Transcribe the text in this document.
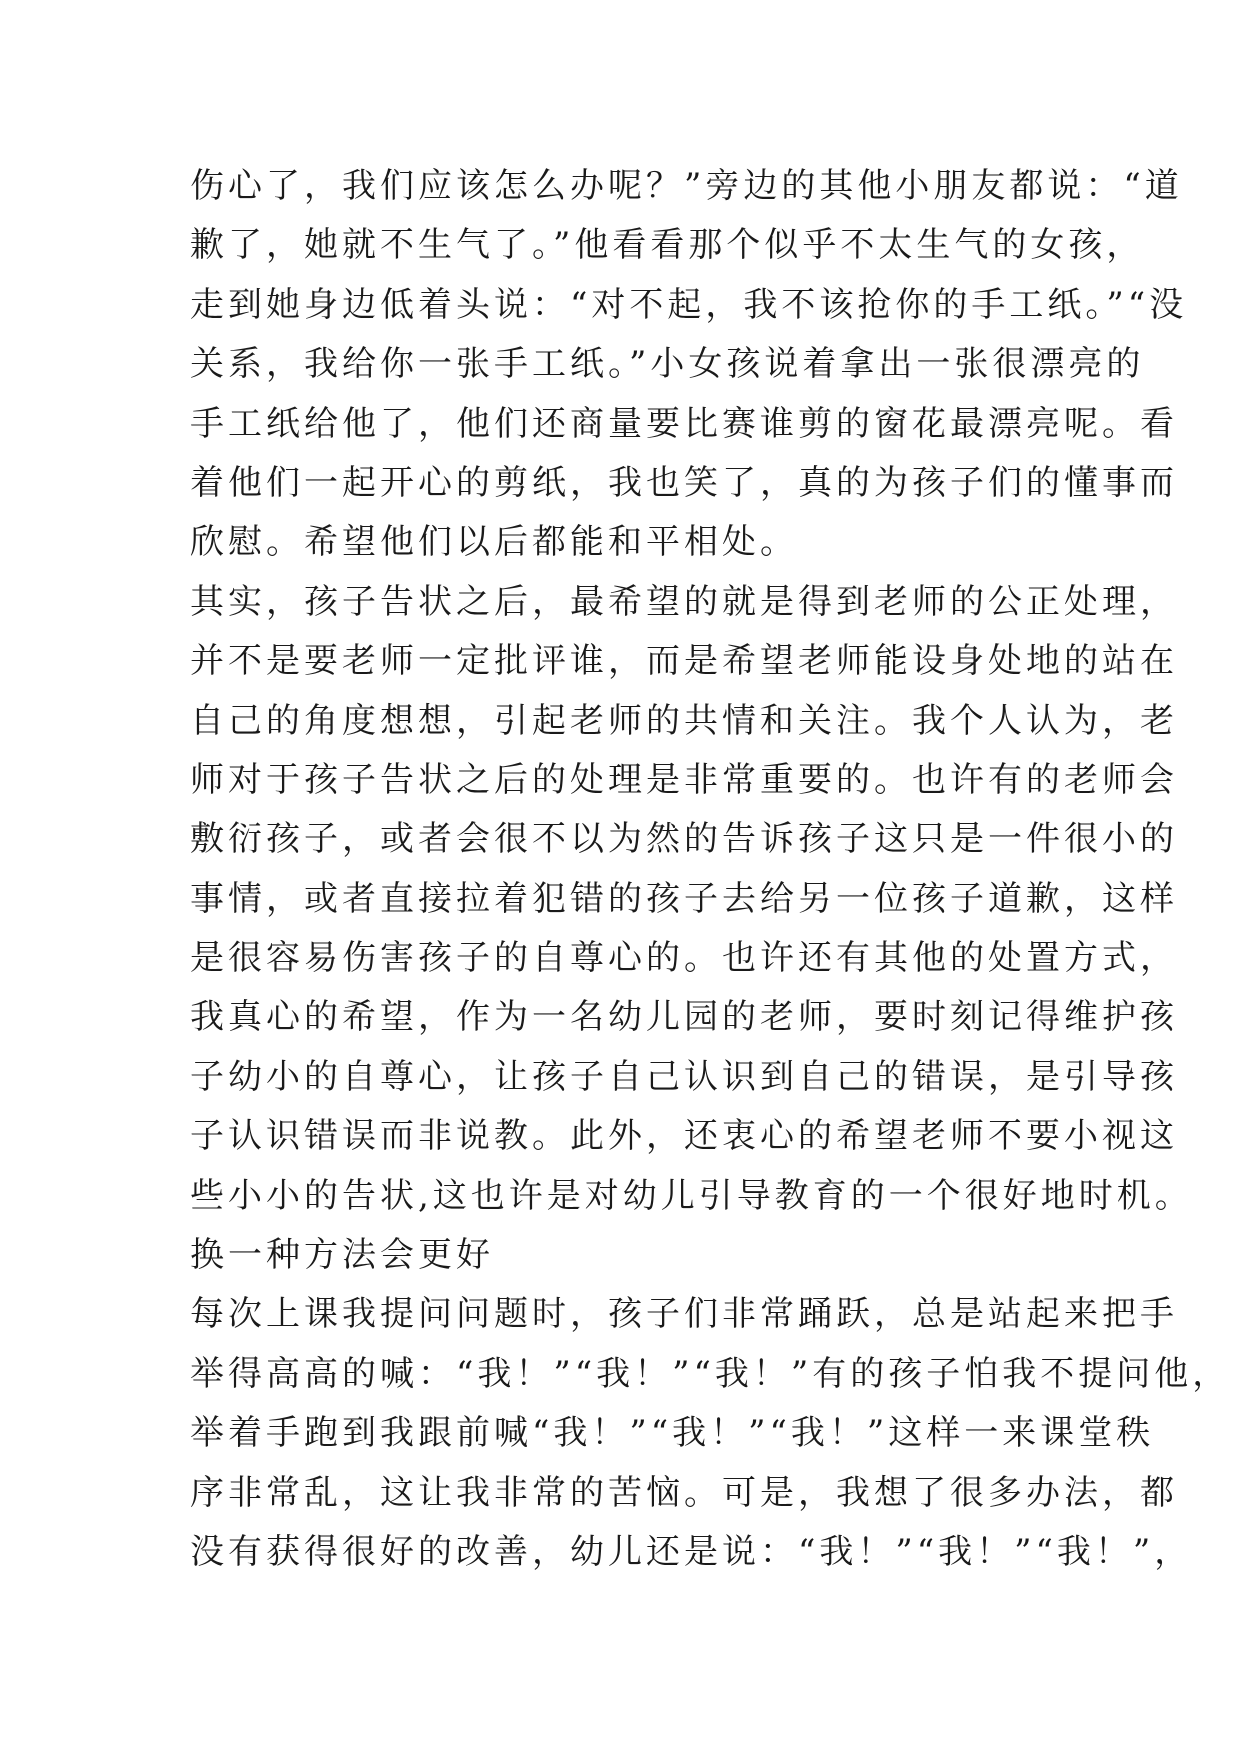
伤心了，我们应该怎么办呢？”旁边的其他小朋友都说：“道
歉了，她就不生气了。”他看看那个似乎不太生气的女孩，
走到她身边低着头说：“对不起，我不该抢你的手工纸。”“没
关系，我给你一张手工纸。”小女孩说着拿出一张很漂亮的
手工纸给他了，他们还商量要比赛谁剪的窗花最漂亮呢。看
着他们一起开心的剪纸，我也笑了，真的为孩子们的懂事而
欣慰。希望他们以后都能和平相处。
其实，孩子告状之后，最希望的就是得到老师的公正处理，
并不是要老师一定批评谁，而是希望老师能设身处地的站在
自己的角度想想，引起老师的共情和关注。我个人认为，老
师对于孩子告状之后的处理是非常重要的。也许有的老师会
敷衍孩子，或者会很不以为然的告诉孩子这只是一件很小的
事情，或者直接拉着犯错的孩子去给另一位孩子道歉，这样
是很容易伤害孩子的自尊心的。也许还有其他的处置方式，
我真心的希望，作为一名幼儿园的老师，要时刻记得维护孩
子幼小的自尊心，让孩子自己认识到自己的错误，是引导孩
子认识错误而非说教。此外，还衷心的希望老师不要小视这
些小小的告状,这也许是对幼儿引导教育的一个很好地时机。
换一种方法会更好
每次上课我提问问题时，孩子们非常踊跃，总是站起来把手
举得高高的喊：“我！”“我！”“我！”有的孩子怕我不提问他，
举着手跑到我跟前喊“我！”“我！”“我！”这样一来课堂秩
序非常乱，这让我非常的苦恼。可是，我想了很多办法，都
没有获得很好的改善，幼儿还是说：“我！”“我！”“我！”，
